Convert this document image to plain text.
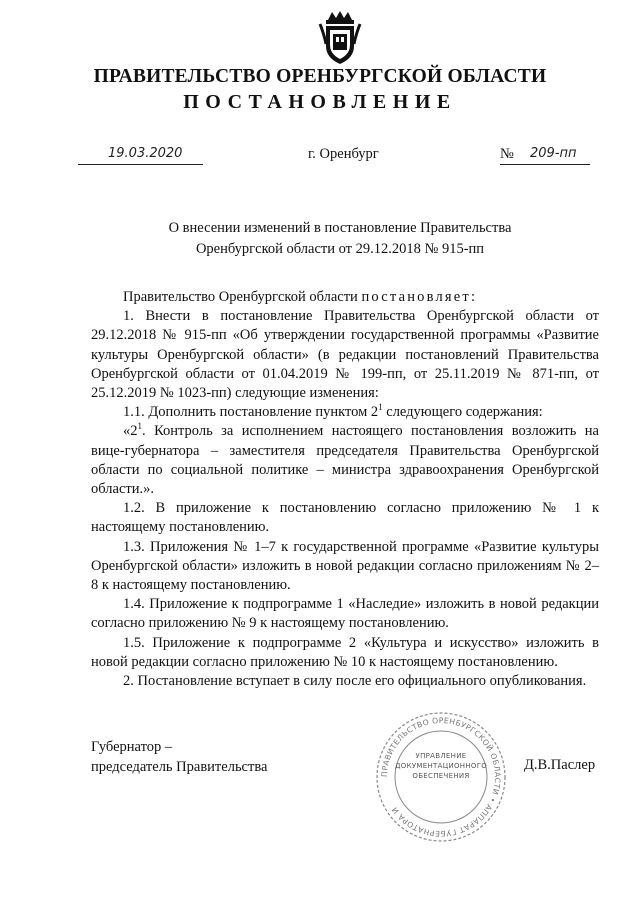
ПРАВИТЕЛЬСТВО ОРЕНБУРГСКОЙ ОБЛАСТИ
ПОСТАНОВЛЕНИЕ
19.03.2020	г. Оренбург	№ 209-пп
О внесении изменений в постановление Правительства
Оренбургской области от 29.12.2018 № 915-пп

Правительство Оренбургской области постановляет:

1. Внести в постановление Правительства Оренбургской области от 29.12.2018 № 915-пп «Об утверждении государственной программы «Развитие культуры Оренбургской области» (в редакции постановлений Правительства Оренбургской области от 01.04.2019 № 199-пп, от 25.11.2019 № 871-пп, от 25.12.2019 № 1023-пп) следующие изменения:

1.1. Дополнить постановление пунктом $2^1$ следующего содержания:

«$2^1$. Контроль за исполнением настоящего постановления возложить на вице-губернатора – заместителя председателя Правительства Оренбургской области по социальной политике – министра здравоохранения Оренбургской области.».

1.2. В приложение к постановлению согласно приложению № 1 к настоящему постановлению.

1.3. Приложения № 1–7 к государственной программе «Развитие культуры Оренбургской области» изложить в новой редакции согласно приложениям № 2–8 к настоящему постановлению.

1.4. Приложение к подпрограмме 1 «Наследие» изложить в новой редакции согласно приложению № 9 к настоящему постановлению.

1.5. Приложение к подпрограмме 2 «Культура и искусство» изложить в новой редакции согласно приложению № 10 к настоящему постановлению.

2. Постановление вступает в силу после его официального опубликования.

Губернатор –
председатель Правительства	ПРАВИТЕЛЬСТВО ОРЕНБУРГСКОЙ ОБЛАСТИ • АППАРАТ ГУБЕРНАТОРА И
УПРАВЛЕНИЕ
ДОКУМЕНТАЦИОННОГО
ОБЕСПЕЧЕНИЯ
Д.В.Паслер
